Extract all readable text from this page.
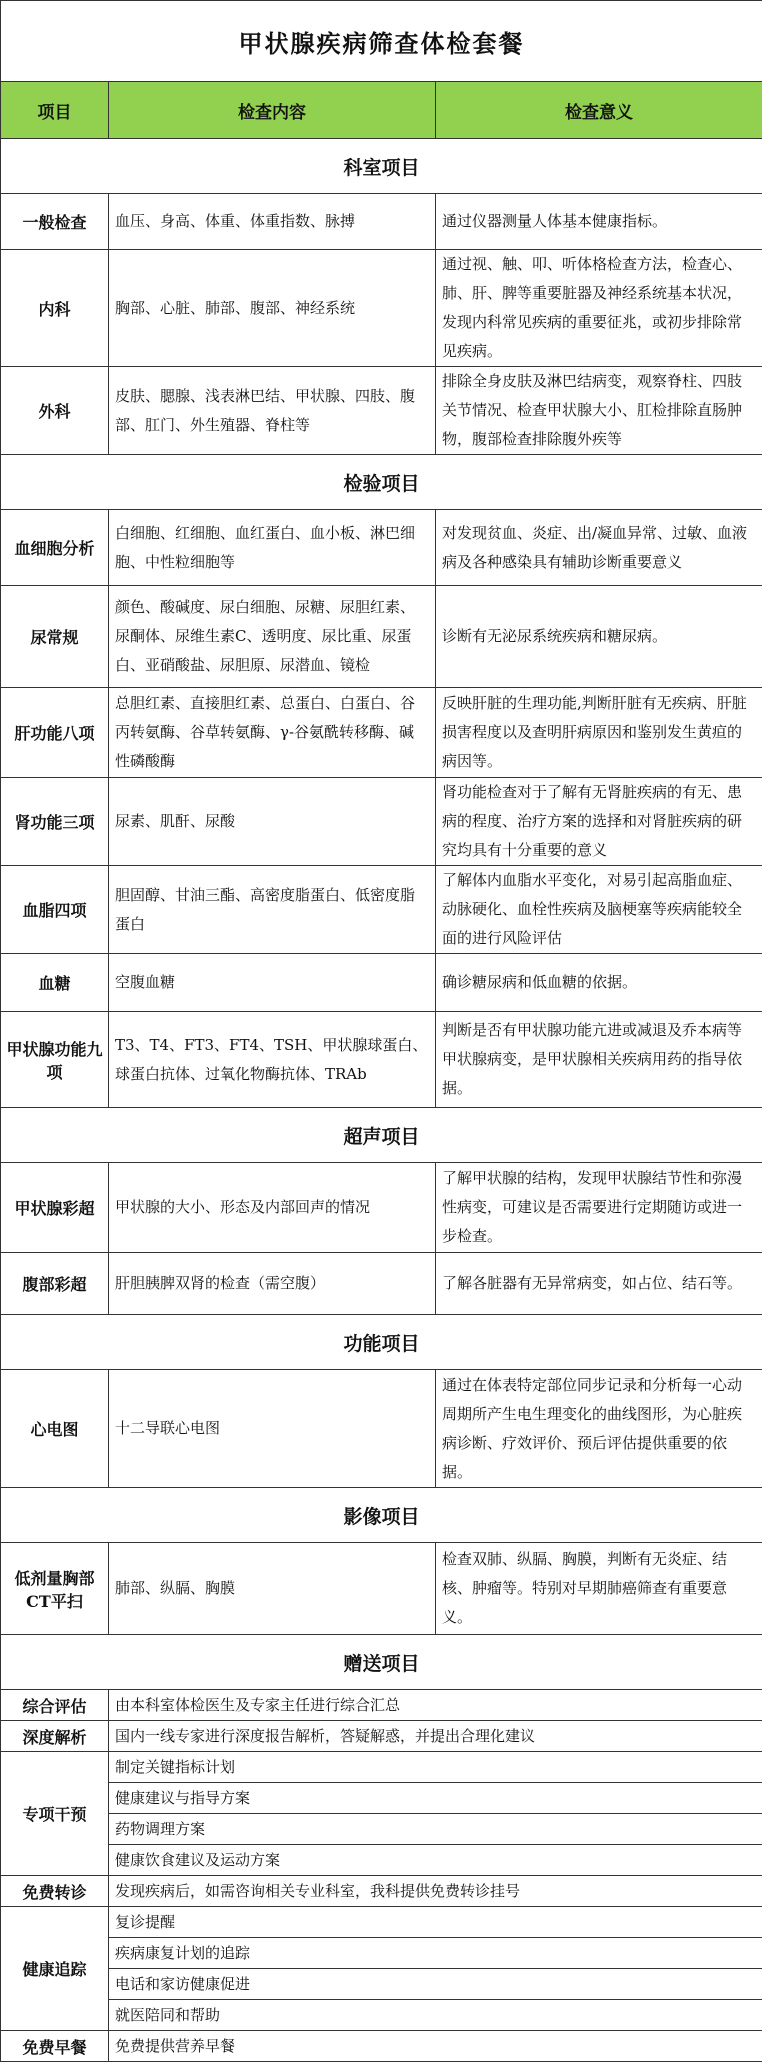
甲状腺疾病筛查体检套餐		
项目	检查内容	检查意义
科室项目		
一般检查	血压、身高、体重、体重指数、脉搏	通过仪器测量人体基本健康指标。
内科	胸部、心脏、肺部、腹部、神经系统	通过视、触、叩、听体格检查方法，检查心、肺、肝、脾等重要脏器及神经系统基本状况，发现内科常见疾病的重要征兆，或初步排除常见疾病。
外科	皮肤、腮腺、浅表淋巴结、甲状腺、四肢、腹部、肛门、外生殖器、脊柱等	排除全身皮肤及淋巴结病变，观察脊柱、四肢关节情况、检查甲状腺大小、肛检排除直肠肿物，腹部检查排除腹外疾等
检验项目		
血细胞分析	白细胞、红细胞、血红蛋白、血小板、淋巴细胞、中性粒细胞等	对发现贫血、炎症、出/凝血异常、过敏、血液病及各种感染具有辅助诊断重要意义
尿常规	颜色、酸碱度、尿白细胞、尿糖、尿胆红素、尿酮体、尿维生素C、透明度、尿比重、尿蛋白、亚硝酸盐、尿胆原、尿潜血、镜检	诊断有无泌尿系统疾病和糖尿病。
肝功能八项	总胆红素、直接胆红素、总蛋白、白蛋白、谷丙转氨酶、谷草转氨酶、γ-谷氨酰转移酶、碱性磷酸酶	反映肝脏的生理功能,判断肝脏有无疾病、肝脏损害程度以及查明肝病原因和鉴别发生黄疸的病因等。
肾功能三项	尿素、肌酐、尿酸	肾功能检查对于了解有无肾脏疾病的有无、患病的程度、治疗方案的选择和对肾脏疾病的研究均具有十分重要的意义
血脂四项	胆固醇、甘油三酯、高密度脂蛋白、低密度脂蛋白	了解体内血脂水平变化，对易引起高脂血症、动脉硬化、血栓性疾病及脑梗塞等疾病能较全面的进行风险评估
血糖	空腹血糖	确诊糖尿病和低血糖的依据。
甲状腺功能九项	T3、T4、FT3、FT4、TSH、甲状腺球蛋白、球蛋白抗体、过氧化物酶抗体、TRAb	判断是否有甲状腺功能亢进或减退及乔本病等甲状腺病变，是甲状腺相关疾病用药的指导依据。
超声项目		
甲状腺彩超	甲状腺的大小、形态及内部回声的情况	了解甲状腺的结构，发现甲状腺结节性和弥漫性病变，可建议是否需要进行定期随访或进一步检查。
腹部彩超	肝胆胰脾双肾的检查（需空腹）	了解各脏器有无异常病变，如占位、结石等。
功能项目		
心电图	十二导联心电图	通过在体表特定部位同步记录和分析每一心动周期所产生电生理变化的曲线图形，为心脏疾病诊断、疗效评价、预后评估提供重要的依据。
影像项目		
低剂量胸部CT平扫	肺部、纵膈、胸膜	检查双肺、纵膈、胸膜，判断有无炎症、结核、肿瘤等。特别对早期肺癌筛查有重要意义。
赠送项目		
综合评估	由本科室体检医生及专家主任进行综合汇总	

深度解析	国内一线专家进行深度报告解析，答疑解惑，并提出合理化建议	

专项干预	制定关键指标计划
健康建议与指导方案
药物调理方案
健康饮食建议及运动方案	

免费转诊	发现疾病后，如需咨询相关专业科室，我科提供免费转诊挂号	

健康追踪	复诊提醒
疾病康复计划的追踪
电话和家访健康促进
就医陪同和帮助	

免费早餐	免费提供营养早餐	
